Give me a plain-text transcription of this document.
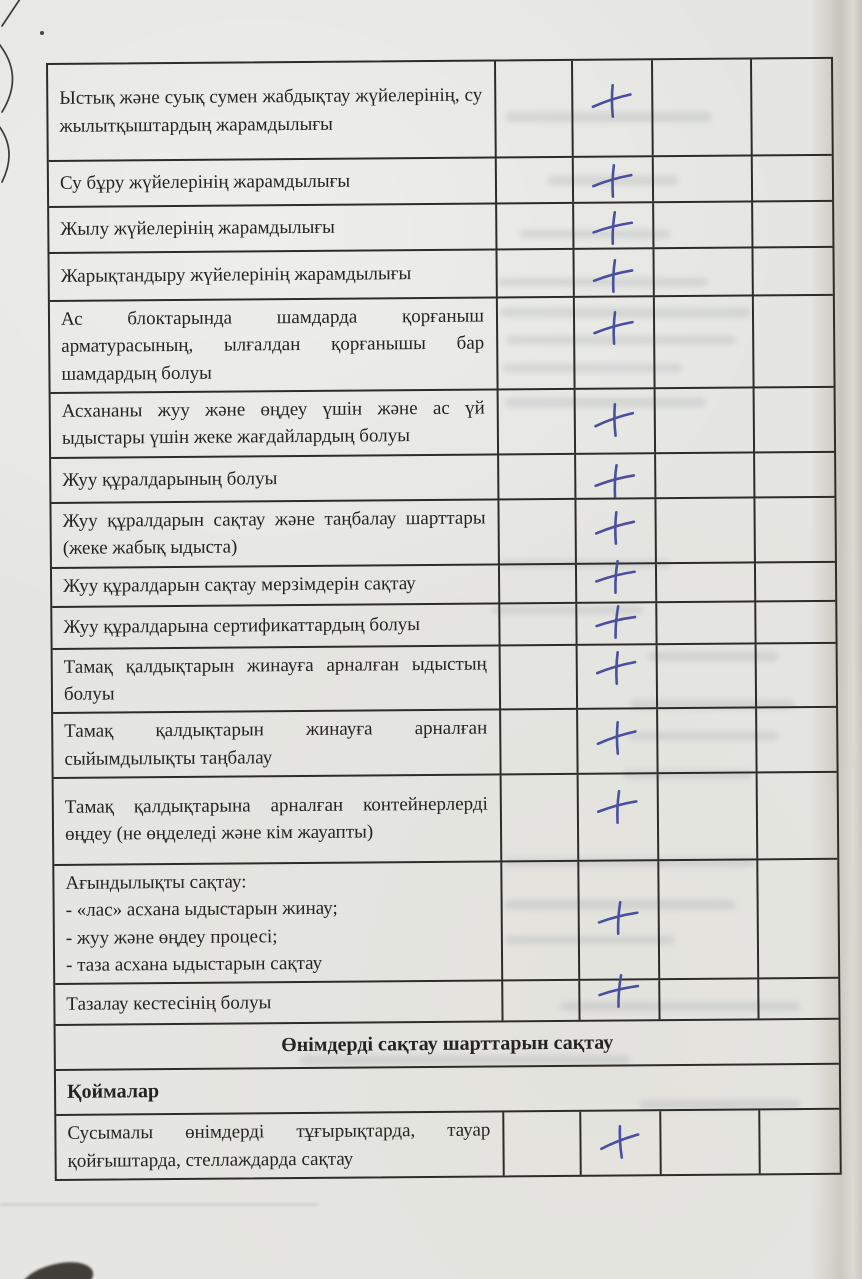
Ыстық және суық сумен жабдықтау жүйелерінің, су жылытқыштардың жарамдылығы
Су бұру жүйелерінің жарамдылығы
Жылу жүйелерінің жарамдылығы
Жарықтандыру жүйелерінің жарамдылығы
Ас блоктарында шамдарда қорғаныш арматурасының, ылғалдан қорғанышы бар шамдардың болуы
Асхананы жуу және өңдеу үшін және ас үй ыдыстары үшін жеке жағдайлардың болуы
Жуу құралдарының болуы
Жуу құралдарын сақтау және таңбалау шарттары (жеке жабық ыдыста)
Жуу құралдарын сақтау мерзімдерін сақтау
Жуу құралдарына сертификаттардың болуы
Тамақ қалдықтарын жинауға арналған ыдыстың болуы
Тамақ қалдықтарын жинауға арналған сыйымдылықты таңбалау
Тамақ қалдықтарына арналған контейнерлерді өңдеу (не өңделеді және кім жауапты)
Ағындылықты сақтау:
- «лас» асхана ыдыстарын жинау;
- жуу және өңдеу процесі;
- таза асхана ыдыстарын сақтау
Тазалау кестесінің болуы
Өнімдерді сақтау шарттарын сақтау
Қоймалар
Сусымалы өнімдерді тұғырықтарда, тауар қойғыштарда, стеллаждарда сақтау
